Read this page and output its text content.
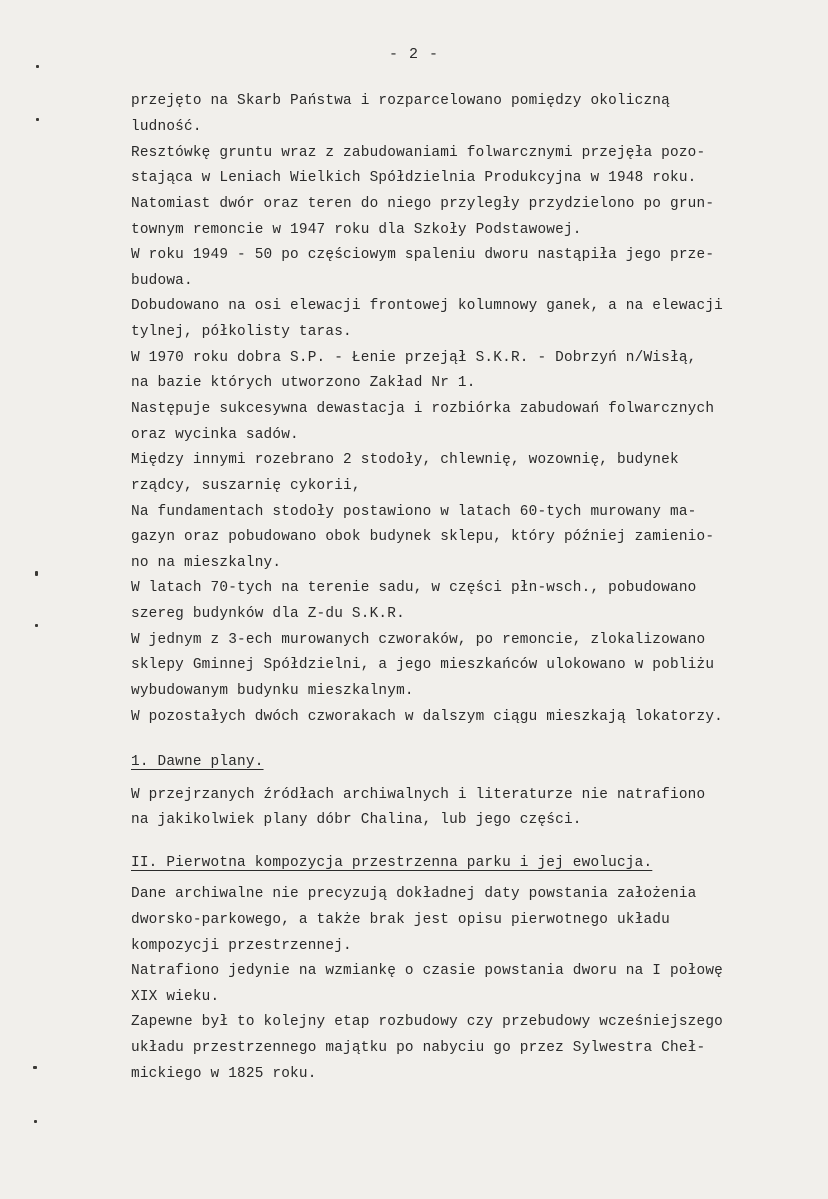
- 2 -
przejęto na Skarb Państwa i rozparcelowano pomiędzy okoliczną
ludność.
Resztówkę gruntu wraz z zabudowaniami folwarcznymi przejęła pozo-
stająca w Leniach Wielkich Spółdzielnia Produkcyjna w 1948 roku.
Natomiast dwór oraz teren do niego przyległy przydzielono po grun-
townym remoncie w 1947 roku dla Szkoły Podstawowej.
W roku 1949 - 50 po częściowym spaleniu dworu nastąpiła jego prze-
budowa.
Dobudowano na osi elewacji frontowej kolumnowy ganek, a na elewacji
tylnej, półkolisty taras.
W 1970 roku dobra S.P. - Łenie przejął S.K.R. - Dobrzyń n/Wisłą,
na bazie których utworzono Zakład Nr 1.
Następuje sukcesywna dewastacja i rozbiórka zabudowań folwarcznych
oraz wycinka sadów.
Między innymi rozebrano 2 stodoły, chlewnię, wozownię, budynek
rządcy, suszarnię cykorii,
Na fundamentach stodoły postawiono w latach 60-tych murowany ma-
gazyn oraz pobudowano obok budynek sklepu, który później zamienio-
no na mieszkalny.
W latach 70-tych na terenie sadu, w części płn-wsch., pobudowano
szereg budynków dla Z-du S.K.R.
W jednym z 3-ech murowanych czworaków, po remoncie, zlokalizowano
sklepy Gminnej Spółdzielni, a jego mieszkańców ulokowano w pobliżu
wybudowanym budynku mieszkalnym.
W pozostałych dwóch czworakach w dalszym ciągu mieszkają lokatorzy.
1. Dawne plany.
W przejrzanych źródłach archiwalnych i literaturze nie natrafiono
na jakikolwiek plany dóbr Chalina, lub jego części.
II. Pierwotna kompozycja przestrzenna parku i jej ewolucja.
Dane archiwalne nie precyzują dokładnej daty powstania założenia
dworsko-parkowego, a także brak jest opisu pierwotnego układu
kompozycji przestrzennej.
Natrafiono jedynie na wzmiankę o czasie powstania dworu na I połowę
XIX wieku.
Zapewne był to kolejny etap rozbudowy czy przebudowy wcześniejszego
układu przestrzennego majątku po nabyciu go przez Sylwestra Cheł-
mickiego w 1825 roku.
